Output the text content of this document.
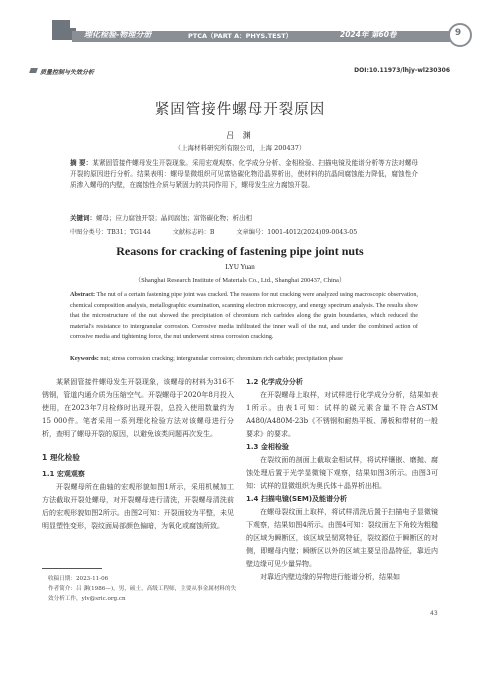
理化检验-物理分册	PTCA（PART A：PHYS.TEST）	2024年 第60卷	9
质量控制与失效分析	DOI:10.11973/lhjy-wl230306
紧固管接件螺母开裂原因
吕 渊
（上海材料研究所有限公司，上海 200437）
摘 要：某紧固管接件螺母发生开裂现象。采用宏观观察、化学成分分析、金相检验、扫描电镜及能谱分析等方法对螺母开裂的原因进行分析。结果表明：螺母显微组织可见富铬碳化物沿晶界析出，使材料的抗晶间腐蚀能力降低，腐蚀性介质渗入螺母的内壁，在腐蚀性介质与紧固力的共同作用下，螺母发生应力腐蚀开裂。
关键词：螺母；应力腐蚀开裂；晶间腐蚀；富铬碳化物；析出相
中图分类号：TB31；TG144	文献标志码：B	文章编号：1001-4012(2024)09-0043-05
Reasons for cracking of fastening pipe joint nuts
LYU Yuan
（Shanghai Research Institute of Materials Co., Ltd., Shanghai 200437, China）
Abstract: The nut of a certain fastening pipe joint was cracked. The reasons for nut cracking were analyzed using macroscopic observation, chemical composition analysis, metallographic examination, scanning electron microscopy, and energy spectrum analysis. The results show that the microstructure of the nut showed the precipitation of chromium rich carbides along the grain boundaries, which reduced the material's resistance to intergranular corrosion. Corrosive media infiltrated the inner wall of the nut, and under the combined action of corrosive media and tightening force, the nut underwent stress corrosion cracking.
Keywords: nut; stress corrosion cracking; intergranular corrosion; chromium rich carbide; precipitation phase

某紧固管接件螺母发生开裂现象，该螺母的材料为316不锈钢，管道内通介质为压缩空气。开裂螺母于2020年8月投入使用，在2023年7月检修时出现开裂，总投入使用数量约为15 000件。笔者采用一系列理化检验方法对该螺母进行分析，查明了螺母开裂的原因，以避免该类问题再次发生。

1 理化检验
1.1 宏观观察

开裂螺母所在曲轴的宏观形貌如图1所示，采用机械加工方法截取开裂处螺母，对开裂螺母进行清洗，开裂螺母清洗前后的宏观形貌如图2所示。由图2可知：开裂面较为平整，未见明显塑性变形，裂纹面局部颜色偏暗，为氧化或腐蚀所致。

收稿日期：2023-11-06
作者简介：吕 渊(1986—)，男，硕士，高级工程师，主要从事金属材料的失效分析工作，ylv@sric.org.cn
1.2 化学成分分析

在开裂螺母上取样，对试样进行化学成分分析，结果如表1所示。由表1可知：试样的碳元素含量不符合ASTM A480/A480M-23b《不锈钢和耐热平板、薄板和带材的一般要求》的要求。

1.3 金相检验

在裂纹面的剖面上截取金相试样，将试样镶嵌、磨抛、腐蚀处理后置于光学显微镜下观察，结果如图3所示。由图3可知：试样的显微组织为奥氏体＋晶界析出相。

1.4 扫描电镜(SEM)及能谱分析

在螺母裂纹面上取样，将试样清洗后置于扫描电子显微镜下观察，结果如图4所示。由图4可知：裂纹面左下角较为粗糙的区域为瞬断区，该区域呈韧窝特征，裂纹源位于瞬断区的对侧，即螺母内壁；瞬断区以外的区域主要呈沿晶特征，靠近内壁边缘可见少量异物。

对靠近内壁边缘的异物进行能谱分析，结果如

43
